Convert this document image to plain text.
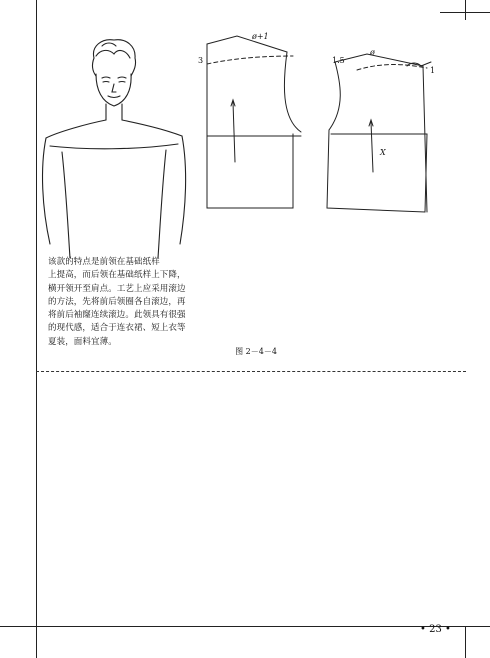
ø+1
3	1.5
ø
1
X
该款的特点是前领在基础纸样
上提高，而后领在基础纸样上下降，
横开领开至肩点。工艺上应采用滚边
的方法，先将前后领圈各自滚边，再
将前后袖窿连续滚边。此领具有很强
的现代感，适合于连衣裙、短上衣等
夏装，面料宜薄。
图 2－4－4
• 23 •
